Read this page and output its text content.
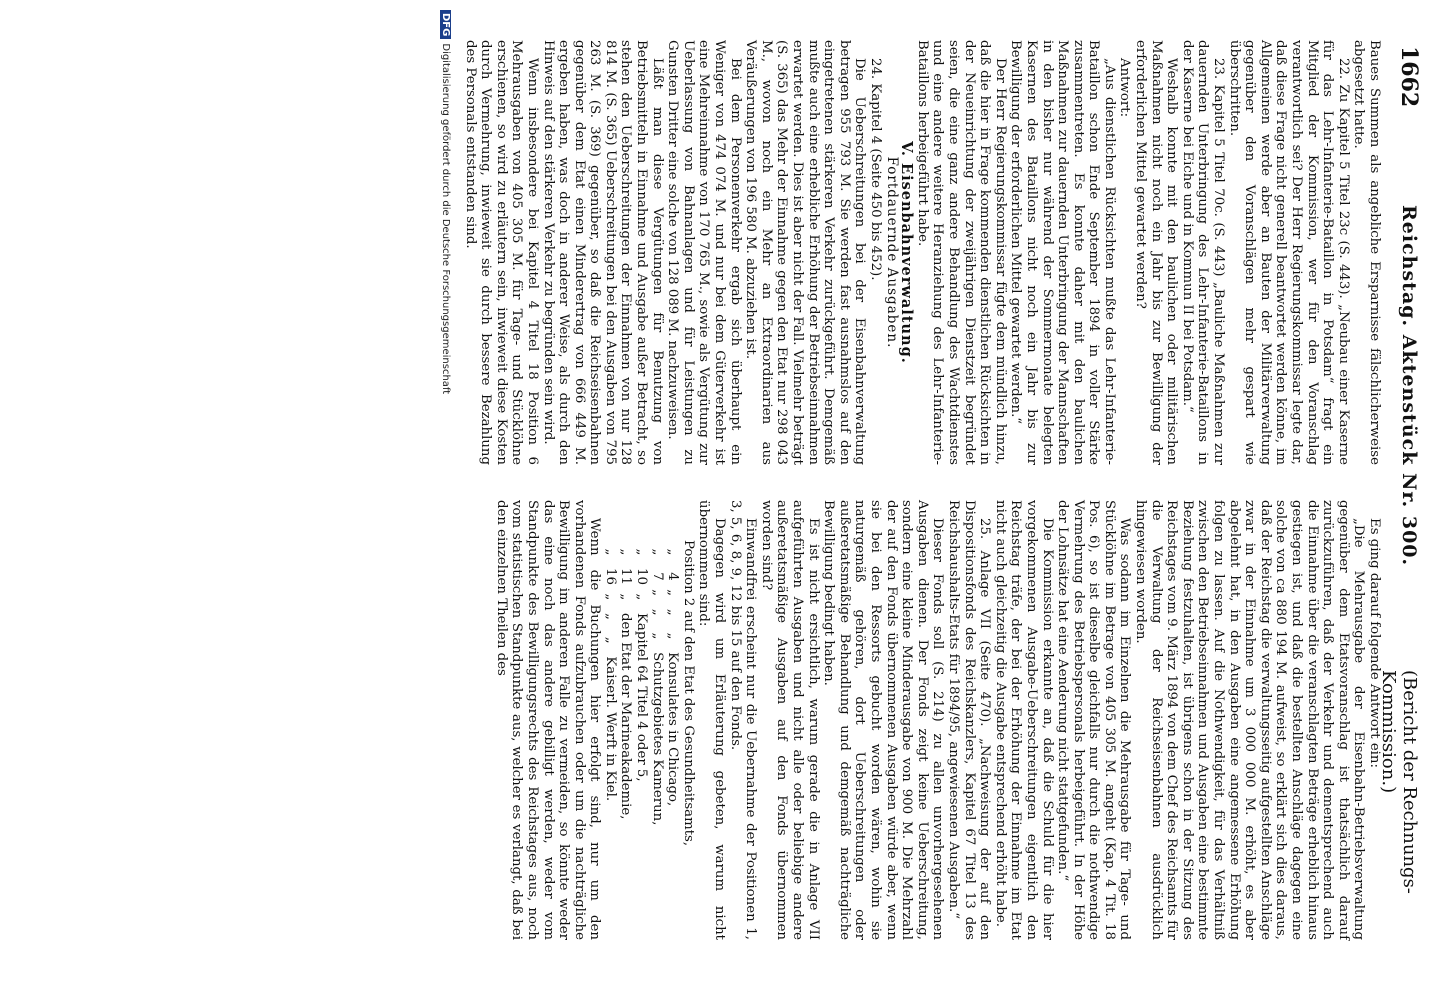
1662
Reichstag. Aktenstück Nr. 300.
(Bericht der Rechnungs-Kommission.)

Baues Summen als angebliche Ersparnisse fälschlicherweise abgesetzt hatte.

22. Zu Kapitel 5 Titel 23c (S. 443). „Neubau einer Kaserne für das Lehr-Infanterie-Bataillon in Potsdam“ fragt ein Mitglied der Kommission, wer für den Voranschlag verantwortlich sei? Der Herr Regierungskommissar legte dar, daß diese Frage nicht generell beantwortet werden könne, im Allgemeinen werde aber an Bauten der Militärverwaltung gegenüber den Voranschlägen mehr gespart wie überschritten.

23. Kapitel 5 Titel 70c. (S. 443) „Bauliche Maßnahmen zur dauernden Unterbringung des Lehr-Infanterie-Bataillons in der Kaserne bei Eiche und in Kommun II bei Potsdam.“

Weshalb konnte mit den baulichen oder militärischen Maßnahmen nicht noch ein Jahr bis zur Bewilligung der erforderlichen Mittel gewartet werden?

Antwort:

„Aus dienstlichen Rücksichten mußte das Lehr-Infanterie-Bataillon schon Ende September 1894 in voller Stärke zusammentreten. Es konnte daher mit den baulichen Maßnahmen zur dauernden Unterbringung der Mannschaften in den bisher nur während der Sommermonate belegten Kasernen des Bataillons nicht noch ein Jahr bis zur Bewilligung der erforderlichen Mittel gewartet werden.“

Der Herr Regierungskommissar fügte dem mündlich hinzu, daß die hier in Frage kommenden dienstlichen Rücksichten in der Neueinrichtung der zweijährigen Dienstzeit begründet seien, die eine ganz andere Behandlung des Wachtdienstes und eine andere weitere Heranziehung des Lehr-Infanterie-Bataillons herbeigeführt habe.

V. Eisenbahnverwaltung.

Fortdauernde Ausgaben.

24. Kapitel 4 (Seite 450 bis 452).

Die Ueberschreitungen bei der Eisenbahnverwaltung betragen 955 793 M. Sie werden fast ausnahmslos auf den eingetretenen stärkeren Verkehr zurückgeführt. Demgemäß mußte auch eine erhebliche Erhöhung der Betriebseinnahmen erwartet werden. Dies ist aber nicht der Fall. Vielmehr beträgt (S. 365) das Mehr der Einnahme gegen den Etat nur 298 043 M., wovon noch ein Mehr an Extraordinarien aus Veräußerungen von 196 580 M. abzuziehen ist.

Bei dem Personenverkehr ergab sich überhaupt ein Weniger von 474 074 M. und nur bei dem Güterverkehr ist eine Mehreinnahme von 170 765 M., sowie als Vergütung zur Ueberlassung von Bahnanlagen und für Leistungen zu Gunsten Dritter eine solche von 128 089 M. nachzuweisen.

Läßt man diese Vergütungen für Benutzung von Betriebsmitteln in Einnahme und Ausgabe außer Betracht, so stehen den Ueberschreitungen der Einnahmen von nur 128 814 M. (S. 365) Ueberschreitungen bei den Ausgaben von 795 263 M. (S. 369) gegenüber, so daß die Reichseisenbahnen gegenüber dem Etat einen Minderertrag von 666 449 M. ergeben haben, was doch in anderer Weise, als durch den Hinweis auf den stärkeren Verkehr zu begründen sein wird.

Wenn insbesondere bei Kapitel 4 Titel 18 Position 6 Mehrausgaben von 405 305 M. für Tage- und Stücklöhne erschienen, so wird zu erläutern sein, inwieweit diese Kosten durch Vermehrung, inwieweit sie durch bessere Bezahlung des Personals entstanden sind.

Es ging darauf folgende Antwort ein:

„Die Mehrausgabe der Eisenbahn-Betriebsverwaltung gegenüber dem Etatsvoranschlag ist thatsächlich darauf zurückzuführen, daß der Verkehr und dementsprechend auch die Einnahme über die veranschlagten Beträge erheblich hinaus gestiegen ist, und daß die bestellten Anschläge dagegen eine solche von ca 880 194 M. aufweist, so erklärt sich dies daraus, daß der Reichstag die verwaltungsseitig aufgestellten Anschläge zwar in der Einnahme um 3 000 000 M. erhöht, es aber abgelehnt hat, in den Ausgaben eine angemessene Erhöhung folgen zu lassen. Auf die Nothwendigkeit, für das Verhältniß zwischen den Betriebseinnahmen und Ausgaben eine bestimmte Beziehung festzuhalten, ist übrigens schon in der Sitzung des Reichstages vom 9. März 1894 von dem Chef des Reichsamts für die Verwaltung der Reichseisenbahnen ausdrücklich hingewiesen worden.

Was sodann im Einzelnen die Mehrausgabe für Tage- und Stücklöhne im Betrage von 405 305 M. angeht (Kap. 4 Tit. 18 Pos. 6), so ist dieselbe gleichfalls nur durch die nothwendige Vermehrung des Betriebspersonals herbeigeführt. In der Höhe der Lohnsätze hat eine Aenderung nicht stattgefunden.“

Die Kommission erkannte an, daß die Schuld für die hier vorgekommenen Ausgabe-Ueberschreitungen eigentlich den Reichstag träfe, der bei der Erhöhung der Einnahme im Etat nicht auch gleichzeitig die Ausgabe entsprechend erhöht habe.

25. Anlage VII (Seite 470). „Nachweisung der auf den Dispositionsfonds des Reichskanzlers, Kapitel 67 Titel 13 des Reichshaushalts-Etats für 1894/95, angewiesenen Ausgaben.“

Dieser Fonds soll (S. 214) zu allen unvorhergesehenen Ausgaben dienen. Der Fonds zeigt keine Ueberschreitung, sondern eine kleine Minderausgabe von 900 M. Die Mehrzahl der auf den Fonds übernommenen Ausgaben würde aber, wenn sie bei den Ressorts gebucht worden wären, wohin sie naturgemäß gehören, dort Ueberschreitungen oder außeretatsmäßige Behandlung und demgemäß nachträgliche Bewilligung bedingt haben.

Es ist nicht ersichtlich, warum gerade die in Anlage VII aufgeführten Ausgaben und nicht alle oder beliebige andere außeretatsmäßige Ausgaben auf den Fonds übernommen worden sind?

Einwandfrei erscheint nur die Uebernahme der Positionen 1, 3, 5, 6, 8, 9, 12 bis 15 auf den Fonds.

Dagegen wird um Erläuterung gebeten, warum nicht übernommen sind:

Position 2 auf den Etat des Gesundheitsamts,

„    4  „   „    „   Konsulates in Chicago,

„    7  „   „    „   Schutzgebietes Kamerun,

„   10  „   Kapitel 64 Titel 4 oder 5,

„   11  „   den Etat der Marineakademie,

„   16  „   „    „   Kaiserl. Werft in Kiel.

Wenn die Buchungen hier erfolgt sind, nur um den vorhandenen Fonds aufzubrauchen oder um die nachträgliche Bewilligung im anderen Falle zu vermeiden, so könnte weder das eine noch das andere gebilligt werden, weder vom Standpunkte des Bewilligungsrechts des Reichstages aus, noch vom statistischen Standpunkte aus, welcher es verlangt, daß bei den einzelnen Theilen des

DFGDigitalisierung gefördert durch die Deutsche Forschungsgemeinschaft
